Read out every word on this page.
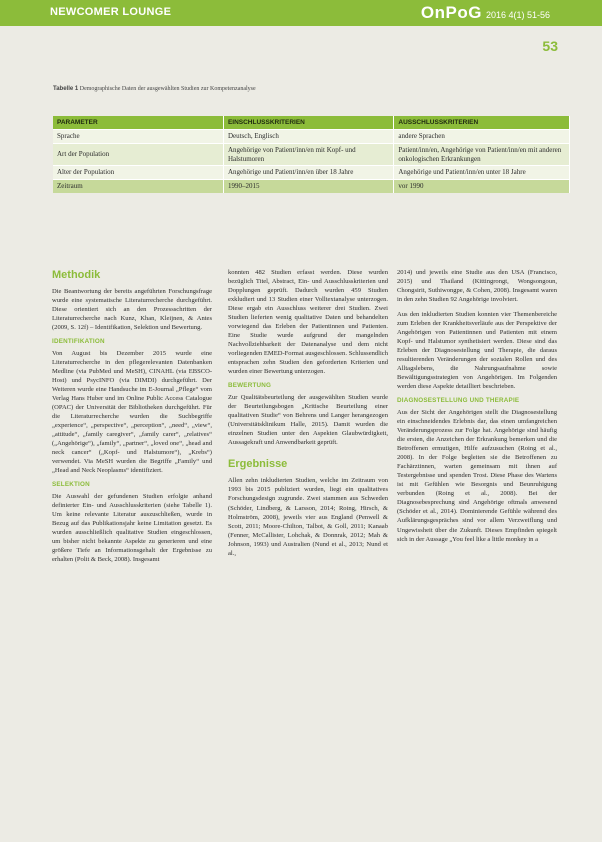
NEWCOMER LOUNGE	OnPoG 2016 4(1) 51-56
53
Tabelle 1 Demographische Daten der ausgewählten Studien zur Kompetenzanalyse
PARAMETER	EINSCHLUSSKRITERIEN	AUSSCHLUSSKRITERIEN
Sprache	Deutsch, Englisch	andere Sprachen
Art der Population	Angehörige von Patient/inn/en mit Kopf- und Halstumoren	Patient/inn/en, Angehörige von Patient/inn/en mit anderen onkologischen Erkrankungen
Alter der Population	Angehörige und Patient/inn/en über 18 Jahre	Angehörige und Patient/inn/en unter 18 Jahre
Zeitraum	1990–2015	vor 1990
Methodik

Die Beantwortung der bereits angeführten Forschungsfrage wurde eine systematische Literaturrecherche durchgeführt. Diese orientiert sich an den Prozessschritten der Literaturrecherche nach Kunz, Khan, Kleijnen, & Antes (2009, S. 12f) – Identifikation, Selektion und Bewertung.

IDENTIFIKATION

Von August bis Dezember 2015 wurde eine Literaturrecherche in den pflegerelevanten Datenbanken Medline (via PubMed und MeSH), CINAHL (via EBSCO-Host) und PsycINFO (via DIMDI) durchgeführt. Der Weiteren wurde eine Handsuche im E-Journal „Pflege“ vom Verlag Hans Huber und im Online Public Access Catalogue (OPAC) der Universität der Bibliotheken durchgeführt. Für die Literaturrecherche wurden die Suchbegriffe „experience“, „perspective“, „perception“, „need“, „view“, „attitude“, „family caregiver“, „family carer“, „relatives“ („Angehörige“), „family“, „partner“, „loved one“, „head and neck cancer“ („Kopf- und Halstumore“), „Krebs“) verwendet. Via MeSH wurden die Begriffe „Family“ und „Head and Neck Neoplasms“ identifiziert.

SELEKTION

Die Auswahl der gefundenen Studien erfolgte anhand definierter Ein- und Ausschlusskriterien (siehe Tabelle 1). Um keine relevante Literatur auszuschließen, wurde in Bezug auf das Publikationsjahr keine Limitation gesetzt. Es wurden ausschließlich qualitative Studien eingeschlossen, um bisher nicht bekannte Aspekte zu generieren und eine größere Tiefe an Informationsgehalt der Ergebnisse zu erhalten (Polit & Beck, 2008). Insgesamt

konnten 482 Studien erfasst werden. Diese wurden bezüglich Titel, Abstract, Ein- und Ausschlusskriterien und Dopplungen geprüft. Dadurch wurden 459 Studien exkludiert und 13 Studien einer Volltextanalyse unterzogen. Diese ergab ein Ausschluss weiterer drei Studien. Zwei Studien lieferten wenig qualitative Daten und behandelten vorwiegend das Erleben der Patientinnen und Patienten. Eine Studie wurde aufgrund der mangelnden Nachvollziehbarkeit der Datenanalyse und dem nicht vorliegenden EMED-Format ausgeschlossen. Schlussendlich entsprachen zehn Studien den geforderten Kriterien und wurden einer Bewertung unterzogen.

BEWERTUNG

Zur Qualitätsbeurteilung der ausgewählten Studien wurde der Beurteilungsbogen „Kritische Beurteilung einer qualitativen Studie“ von Behrens und Langer herangezogen (Universitätsklinikum Halle, 2015). Damit wurden die einzelnen Studien unter den Aspekten Glaubwürdigkeit, Aussagekraft und Anwendbarkeit geprüft.

Ergebnisse

Allen zehn inkludierten Studien, welche im Zeitraum von 1993 bis 2015 publiziert wurden, liegt ein qualitatives Forschungsdesign zugrunde. Zwei stammen aus Schweden (Schöder, Lindberg, & Larsson, 2014; Roing, Hirsch, & Holmström, 2008), jeweils vier aus England (Penwell & Scott, 2011; Moore-Chilton, Talbot, & Goll, 2011; Kanaab (Fenner, McCallister, Lohchak, & Donnrak, 2012; Mah & Johnson, 1993) und Australien (Nund et al., 2013; Nund et al.,

2014) und jeweils eine Studie aus den USA (Francisco, 2015) und Thailand (Kittingrongt, Wongsongoun, Chongsirit, Suthiwongpe, & Cohen, 2008). Insgesamt waren in den zehn Studien 92 Angehörige involviert.

Aus den inkludierten Studien konnten vier Themenbereiche zum Erleben der Krankheitsverläufe aus der Perspektive der Angehörigen von Patientinnen und Patienten mit einem Kopf- und Halstumor synthetisiert werden. Diese sind das Erleben der Diagnosestellung und Therapie, die daraus resultierenden Veränderungen der sozialen Rollen und des Alltagslebens, die Nahrungsaufnahme sowie Bewältigungsstrategien von Angehörigen. Im Folgenden werden diese Aspekte detailliert beschrieben.

DIAGNOSESTELLUNG UND THERAPIE

Aus der Sicht der Angehörigen stellt die Diagnosestellung ein einschneidendes Erlebnis dar, das einen umfangreichen Veränderungsprozess zur Folge hat. Angehörige sind häufig die ersten, die Anzeichen der Erkrankung bemerken und die Betroffenen ermutigen, Hilfe aufzusuchen (Roing et al., 2008). In der Folge begleiten sie die Betroffenen zu Fachärztinnen, warten gemeinsam mit ihnen auf Testergebnisse und spenden Trost. Diese Phase des Wartens ist mit Gefühlen wie Besorgnis und Beunruhigung verbunden (Roing et al., 2008). Bei der Diagnosebesprechung sind Angehörige oftmals anwesend (Schöder et al., 2014). Dominierende Gefühle während des Aufklärungsgespräches sind vor allem Verzweiflung und Ungewissheit über die Zukunft. Dieses Empfinden spiegelt sich in der Aussage „You feel like a little monkey in a
